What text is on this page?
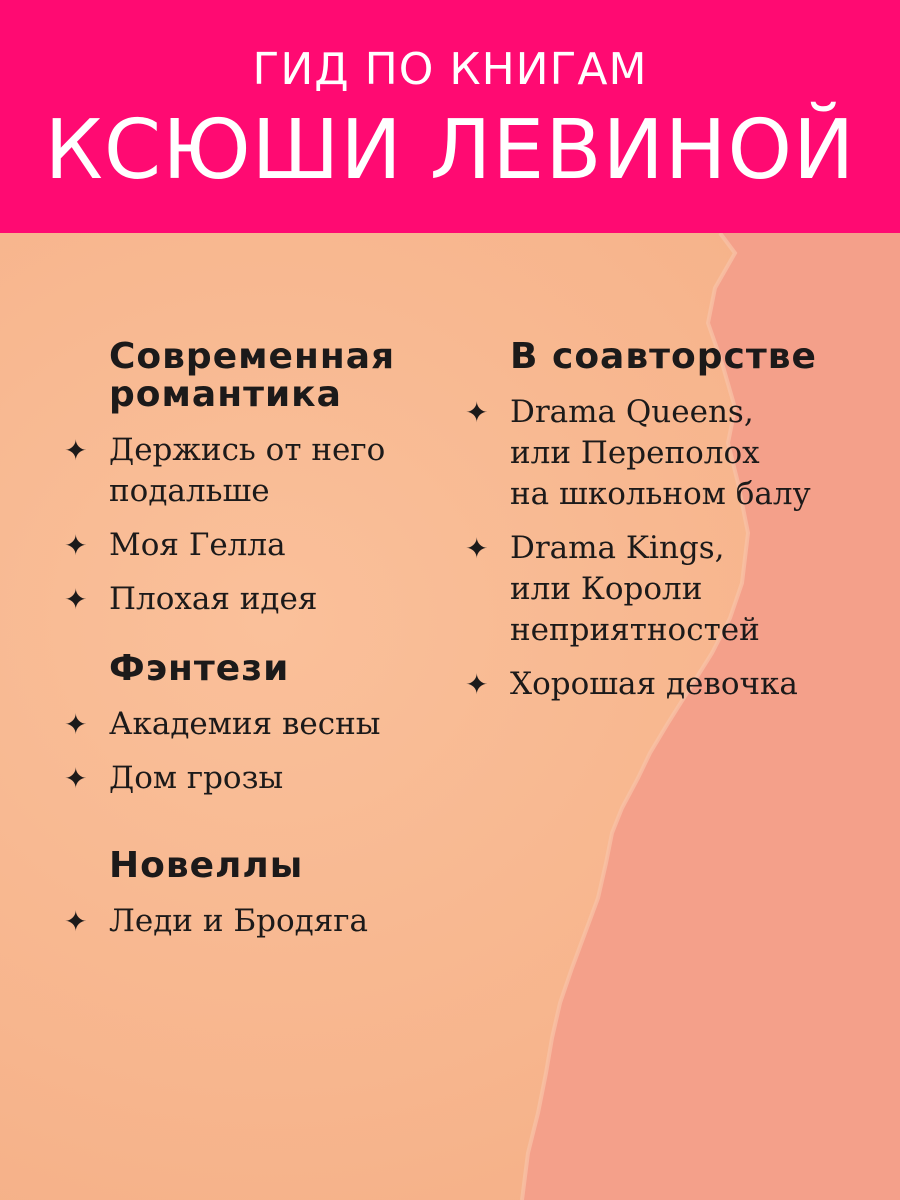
ГИД ПО КНИГАМ
КСЮШИ ЛЕВИНОЙ
Современная
романтика
✦ Держись от него
подальше
✦ Моя Гелла
✦ Плохая идея
Фэнтези
✦ Академия весны
✦ Дом грозы
Новеллы
✦ Леди и Бродяга
В соавторстве
✦ Drama Queens,
или Переполох
на школьном балу
✦ Drama Kings,
или Короли
неприятностей
✦ Хорошая девочка
